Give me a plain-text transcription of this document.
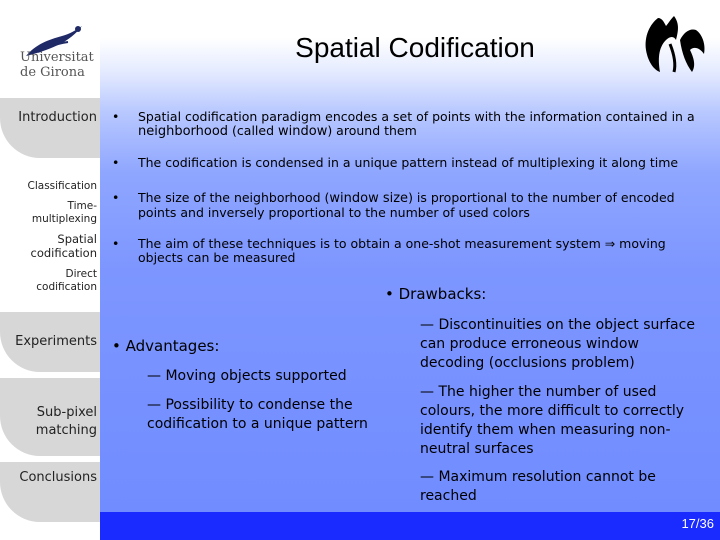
Universitat
de Girona
Introduction
Classification
Time-multiplexing
Spatial codification
Direct codification
Experiments
Sub-pixel matching
Conclusions
Spatial Codification
•	Spatial codification paradigm encodes a set of points with the information contained in a neighborhood (called window) around them
•	The codification is condensed in a unique pattern instead of multiplexing it along time
•	The size of the neighborhood (window size) is proportional to the number of encoded points and inversely proportional to the number of used colors
•	The aim of these techniques is to obtain a one-shot measurement system ⇒ moving objects can be measured
• Drawbacks:
— Discontinuities on the object surface can produce erroneous window decoding (occlusions problem)
— The higher the number of used colours, the more difficult to correctly identify them when measuring non-neutral surfaces
— Maximum resolution cannot be reached
• Advantages:
— Moving objects supported
— Possibility to condense the codification to a unique pattern
17/36
